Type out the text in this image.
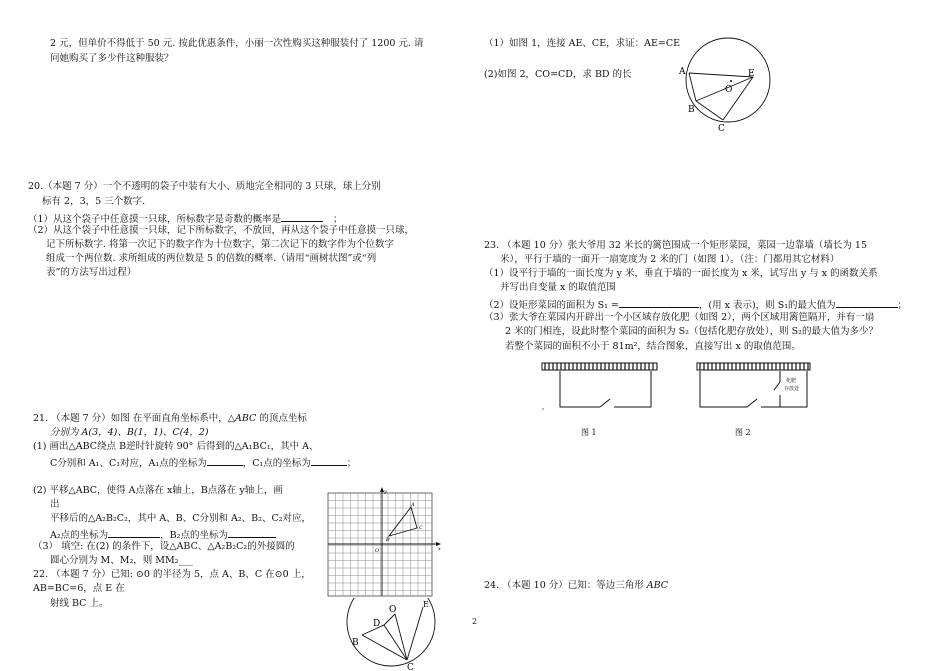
2 元，但单价不得低于 50 元. 按此优惠条件，小丽一次性购买这种服装付了 1200 元. 请
问她购买了多少件这种服装？
20.（本题 7 分）一个不透明的袋子中装有大小、质地完全相同的 3 只球，球上分别
标有 2，3，5 三个数字.
（1）从这个袋子中任意摸一只球，所标数字是奇数的概率是	；
（2）从这个袋子中任意摸一只球，记下所标数字，不放回，再从这个袋子中任意摸一只球，
记下所标数字. 将第一次记下的数字作为十位数字，第二次记下的数字作为个位数字
组成一个两位数. 求所组成的两位数是 5 的倍数的概率.（请用“画树状图”或“列
表”的方法写出过程）
21. （本题 7 分）如图 在平面直角坐标系中，△ABC 的顶点坐标
分别为 A(3，4)、B(1，1)、C(4，2)
(1) 画出△ABC绕点 B逆时针旋转 90° 后得到的△A₁BC₁，其中 A、
C分别和 A₁、C₁对应，A₁点的坐标为	，C₁点的坐标为	；
(2) 平移△ABC，使得 A点落在 x轴上，B点落在 y轴上，画
出
平移后的△A₂B₂C₂，其中 A、B、C分别和 A₂、B₂、C₂对应，
A₂点的坐标为	，B₂点的坐标为
（3） 填空: 在(2) 的条件下，设△ABC、△A₂B₂C₂的外接圆的
圆心分别为 M、M₂，则 MM₂___
22. （本题 7 分）已知: ⊙0 的半径为 5，点 A、B、C 在⊙0 上，
AB=BC=6，点 E 在
射线 BC 上。
y
x
O
A
B
C
O
D
E
B
C
2
（1）如图 1，连接 AE、CE，求证：AE=CE
(2)如图 2，CO=CD，求 BD 的长	A	E
O
B
C
23. （本题 10 分）张大爷用 32 米长的篱笆围成一个矩形菜园，菜园一边靠墙（墙长为 15
米），平行于墙的一面开一扇宽度为 2 米的门（如图 1）。（注：门都用其它材料）
（1）设平行于墙的一面长度为 y 米，垂直于墙的一面长度为 x 米，试写出 y 与 x 的函数关系
并写出自变量 x 的取值范围
（2）设矩形菜园的面积为 S₁ =	，(用 x 表示)，则 S₁的最大值为	；
（3）张大爷在菜园内开辟出一个小区域存放化肥（如图 2），两个区域用篱笆隔开，并有一扇
2 米的门相连，设此时整个菜园的面积为 S₂（包括化肥存放处），则 S₂的最大值为多少？
若整个菜园的面积不小于 81m²，结合图象，直接写出 x 的取值范围。
图 1
化肥
存放处
图 2
24. （本题 10 分）已知：等边三角形 ABC
